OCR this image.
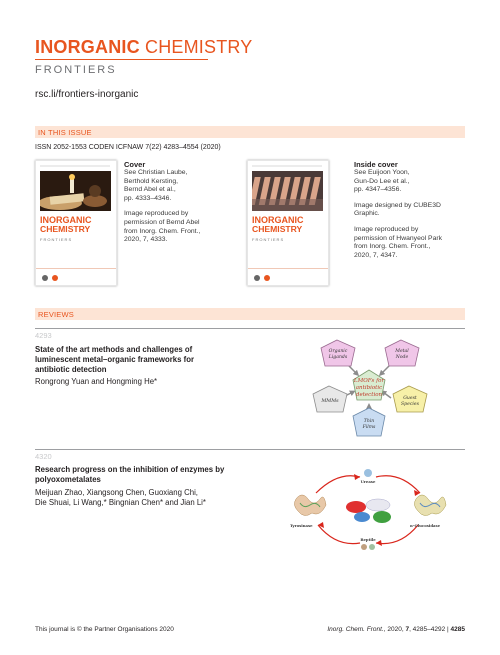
INORGANIC CHEMISTRY
FRONTIERS
rsc.li/frontiers-inorganic
IN THIS ISSUE
ISSN 2052-1553 CODEN ICFNAW 7(22) 4283–4554 (2020)
INORGANIC
CHEMISTRY
FRONTIERS
Cover
See Christian Laube,
Berthold Kersting,
Bernd Abel et al.,
pp. 4333–4346.
Image reproduced by
permission of Bernd Abel
from Inorg. Chem. Front.,
2020, 7, 4333.
INORGANIC
CHEMISTRY
FRONTIERS
Inside cover
See Euijoon Yoon,
Gun-Do Lee et al.,
pp. 4347–4356.
Image designed by CUBE3D
Graphic.
Image reproduced by
permission of Hwanyeol Park
from Inorg. Chem. Front.,
2020, 7, 4347.
REVIEWS
4293
State of the art methods and challenges of
luminescent metal–organic frameworks for
antibiotic detection
Rongrong Yuan and Hongming He*	LMOFs for
antibiotic
detection
Organic
Ligands
Metal
Node
Guest
Species
Thin
Films
MMMs
4320
Research progress on the inhibition of enzymes by
polyoxometalates
Meijuan Zhao, Xiangsong Chen, Guoxiang Chi,
Die Shuai, Li Wang,* Bingnian Chen* and Jian Li*
Urease
Tyrosinase	α-Glucosidase
Reptile
This journal is © the Partner Organisations 2020	Inorg. Chem. Front., 2020, 7, 4285–4292 | 4285
